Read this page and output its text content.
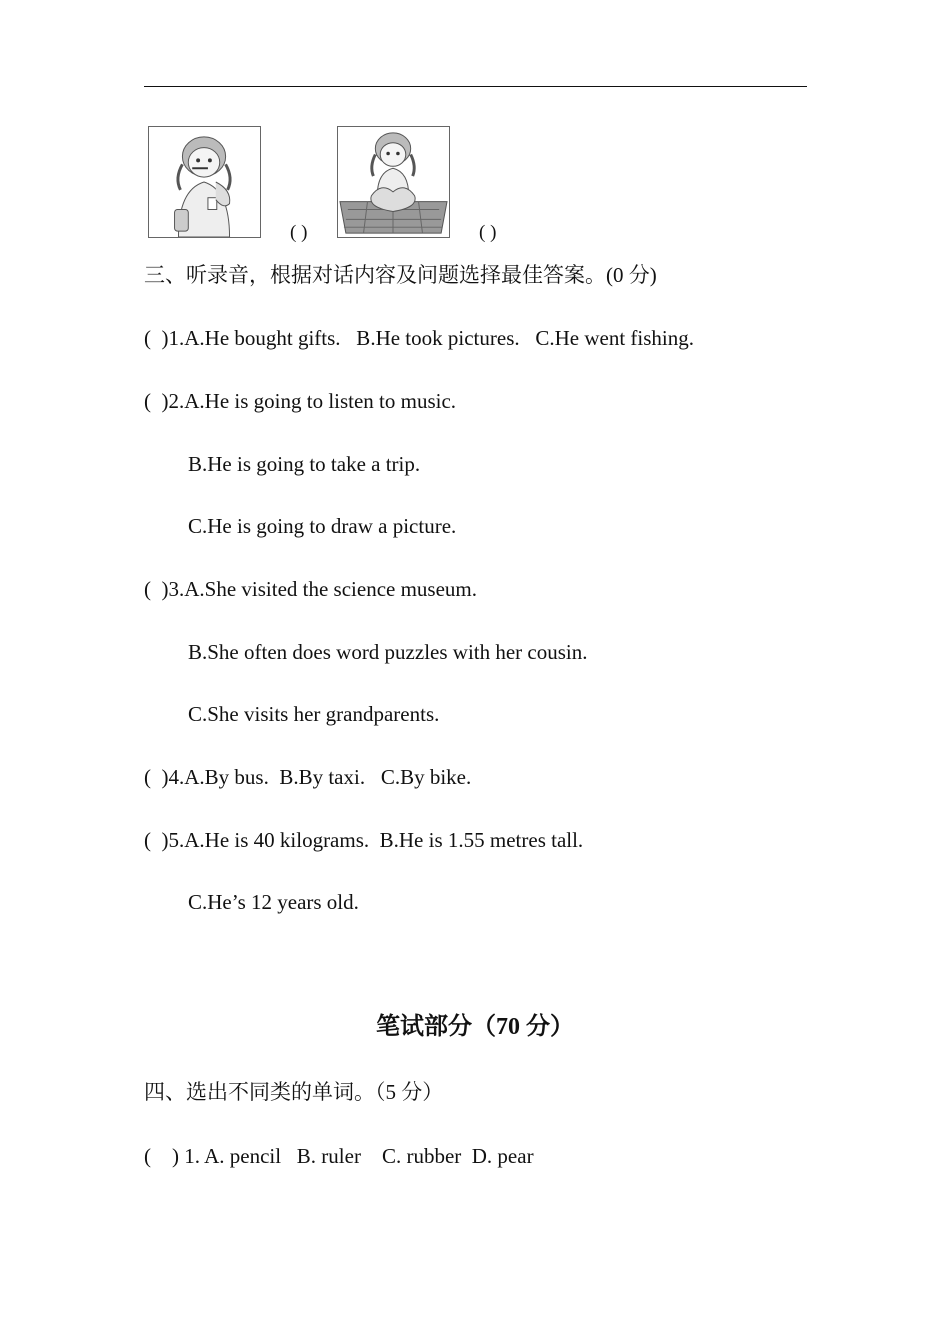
( )	( )
三、听录音，根据对话内容及问题选择最佳答案。(0 分)
(  )1.A.He bought gifts.   B.He took pictures.   C.He went fishing.
(  )2.A.He is going to listen to music.
B.He is going to take a trip.
C.He is going to draw a picture.
(  )3.A.She visited the science museum.
B.She often does word puzzles with her cousin.
C.She visits her grandparents.
(  )4.A.By bus.  B.By taxi.   C.By bike.
(  )5.A.He is 40 kilograms.  B.He is 1.55 metres tall.
C.He’s 12 years old.
笔试部分（70 分）
四、选出不同类的单词。（5 分）
(    ) 1. A. pencil   B. ruler    C. rubber  D. pear
